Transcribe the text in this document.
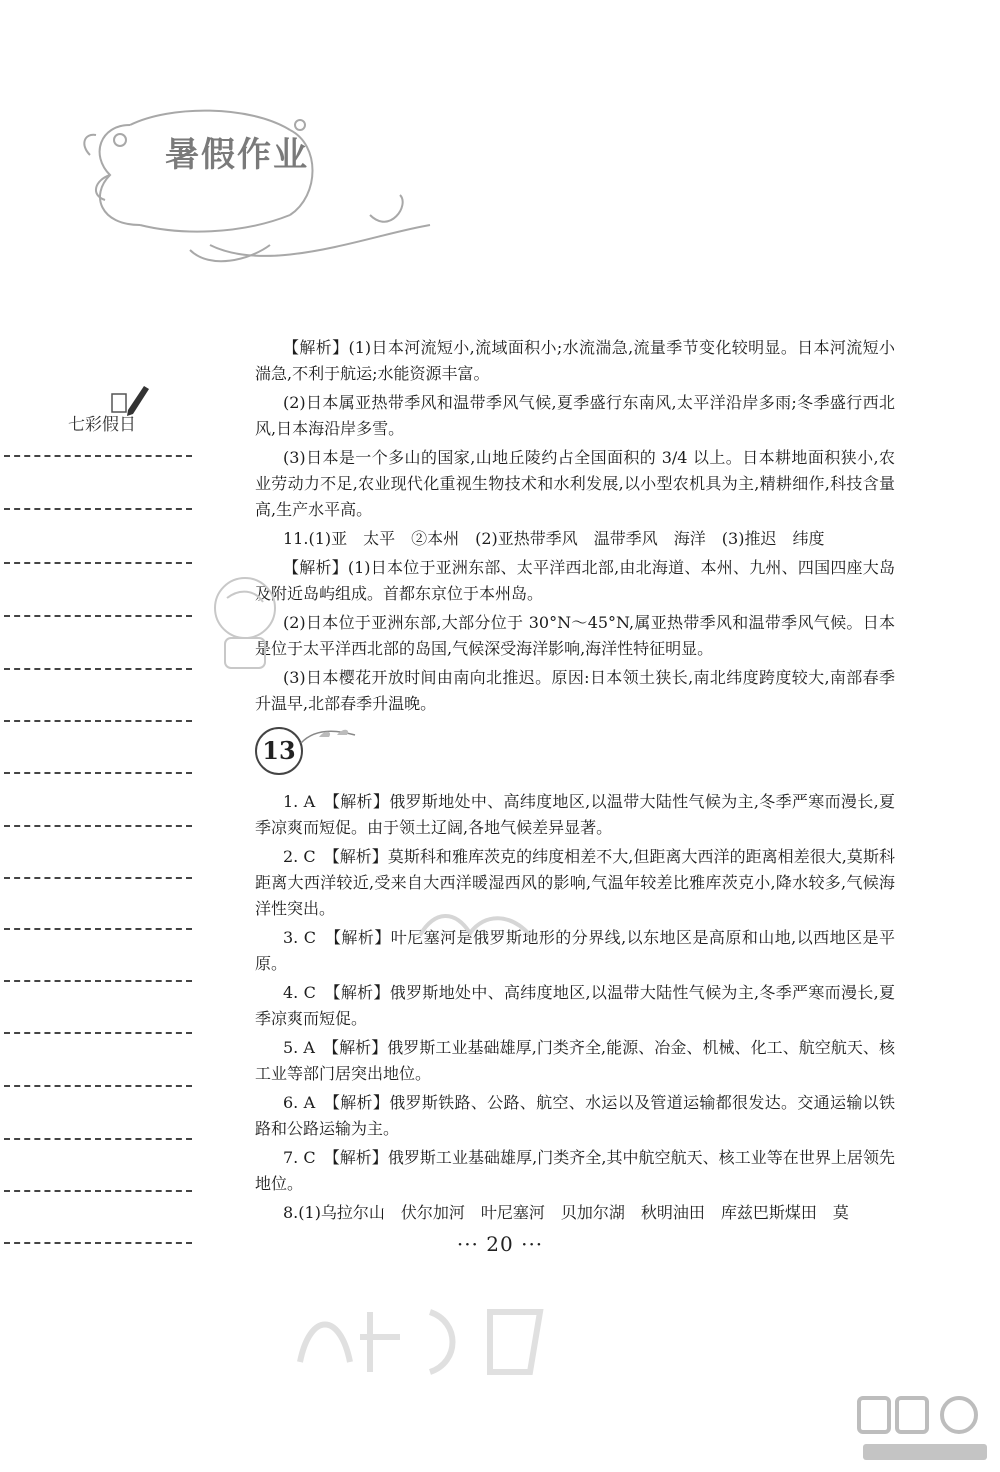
暑假作业
七彩假日

【解析】(1)日本河流短小,流域面积小;水流湍急,流量季节变化较明显。日本河流短小湍急,不利于航运;水能资源丰富。

(2)日本属亚热带季风和温带季风气候,夏季盛行东南风,太平洋沿岸多雨;冬季盛行西北风,日本海沿岸多雪。

(3)日本是一个多山的国家,山地丘陵约占全国面积的 3/4 以上。日本耕地面积狭小,农业劳动力不足,农业现代化重视生物技术和水利发展,以小型农机具为主,精耕细作,科技含量高,生产水平高。

11.(1)亚　太平　②本州　(2)亚热带季风　温带季风　海洋　(3)推迟　纬度

【解析】(1)日本位于亚洲东部、太平洋西北部,由北海道、本州、九州、四国四座大岛及附近岛屿组成。首都东京位于本州岛。

(2)日本位于亚洲东部,大部分位于 30°N～45°N,属亚热带季风和温带季风气候。日本是位于太平洋西北部的岛国,气候深受海洋影响,海洋性特征明显。

(3)日本樱花开放时间由南向北推迟。原因:日本领土狭长,南北纬度跨度较大,南部春季升温早,北部春季升温晚。

13

1. A　【解析】俄罗斯地处中、高纬度地区,以温带大陆性气候为主,冬季严寒而漫长,夏季凉爽而短促。由于领土辽阔,各地气候差异显著。

2. C　【解析】莫斯科和雅库茨克的纬度相差不大,但距离大西洋的距离相差很大,莫斯科距离大西洋较近,受来自大西洋暖湿西风的影响,气温年较差比雅库茨克小,降水较多,气候海洋性突出。

3. C　【解析】叶尼塞河是俄罗斯地形的分界线,以东地区是高原和山地,以西地区是平原。

4. C　【解析】俄罗斯地处中、高纬度地区,以温带大陆性气候为主,冬季严寒而漫长,夏季凉爽而短促。

5. A　【解析】俄罗斯工业基础雄厚,门类齐全,能源、冶金、机械、化工、航空航天、核工业等部门居突出地位。

6. A　【解析】俄罗斯铁路、公路、航空、水运以及管道运输都很发达。交通运输以铁路和公路运输为主。

7. C　【解析】俄罗斯工业基础雄厚,门类齐全,其中航空航天、核工业等在世界上居领先地位。

8.(1)乌拉尔山　伏尔加河　叶尼塞河　贝加尔湖　秋明油田　库兹巴斯煤田　莫

··· 20 ···
